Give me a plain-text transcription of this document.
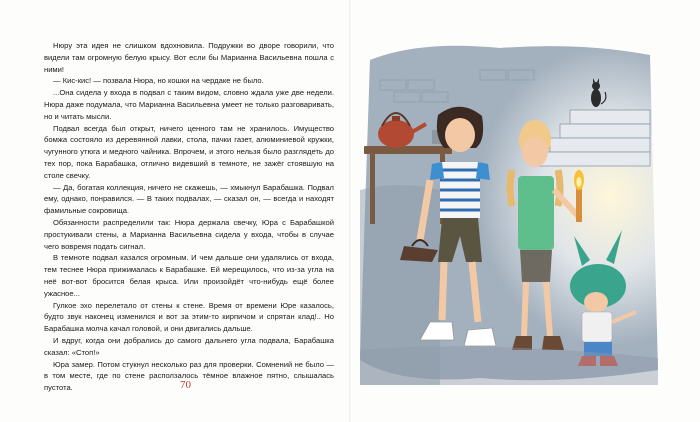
Нюру эта идея не слишком вдохновила. Подружки во дворе говорили, что видели там огромную белую крысу. Вот если бы Марианна Васильевна пошла с ними!

— Кис-кис! — позвала Нюра, но кошки на чердаке не было.

...Она сидела у входа в подвал с таким видом, словно ждала уже две недели. Нюра даже подумала, что Марианна Васильевна умеет не только разговаривать, но и читать мысли.

Подвал всегда был открыт, ничего ценного там не хранилось. Имущество бомжа состояло из деревянной лавки, стола, пачки газет, алюминиевой кружки, чугунного утюга и медного чайника. Впрочем, и этого нельзя было разглядеть до тех пор, пока Барабашка, отлично видевший в темноте, не зажёг стоявшую на столе свечку.

— Да, богатая коллекция, ничего не скажешь, — хмыкнул Барабашка. Подвал ему, однако, понравился. — В таких подвалах, — сказал он, — всегда и находят фамильные сокровища.

Обязанности распределили так: Нюра держала свечку, Юра с Барабашкой простукивали стены, а Марианна Васильевна сидела у входа, чтобы в случае чего вовремя подать сигнал.

В темноте подвал казался огромным. И чем дальше они удалялись от входа, тем теснее Нюра прижималась к Барабашке. Ей мерещилось, что из-за угла на неё вот-вот бросится белая крыса. Или произойдёт что-нибудь ещё более ужасное...

Гулкое эхо перелетало от стены к стене. Время от времени Юре казалось, будто звук наконец изменился и вот за этим-то кирпичом и спрятан клад!.. Но Барабашка молча качал головой, и они двигались дальше.

И вдруг, когда они добрались до самого дальнего угла подвала, Барабашка сказал: «Стоп!»

Юра замер. Потом стукнул несколько раз для проверки. Сомнений не было — в том месте, где по стене расползалось тёмное влажное пятно, слышалась пустота.	70
